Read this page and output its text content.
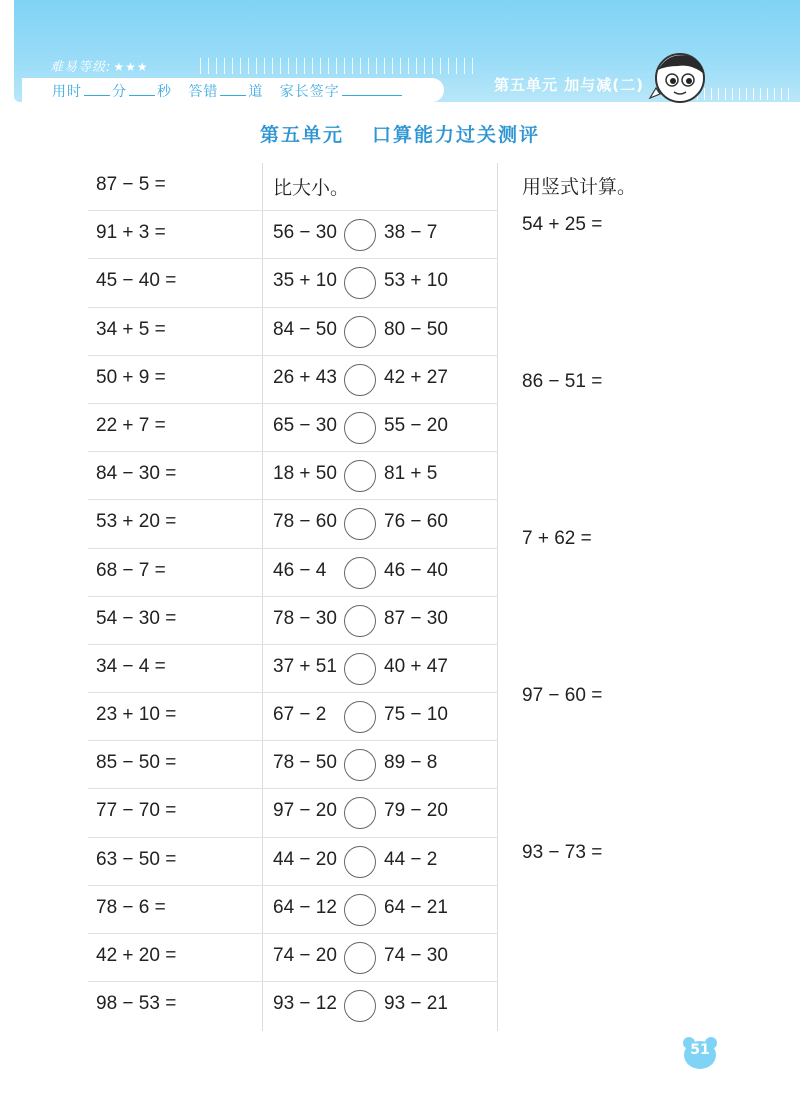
难易等级: ★★★
用时 分 秒 答错 道 家长签字	第五单元 加与减(二)
第五单元 口算能力过关测评
87 − 5 =	比大小。
91 + 3 =	56 − 30 38 − 7
45 − 40 =	35 + 10 53 + 10
34 + 5 =	84 − 50 80 − 50
50 + 9 =	26 + 43 42 + 27
22 + 7 =	65 − 30 55 − 20
84 − 30 =	18 + 50 81 + 5
53 + 20 =	78 − 60 76 − 60
68 − 7 =	46 − 4	46 − 40
54 − 30 =	78 − 30 87 − 30
34 − 4 =	37 + 51 40 + 47
23 + 10 =	67 − 2	75 − 10
85 − 50 =	78 − 50 89 − 8
77 − 70 =	97 − 20 79 − 20
63 − 50 =	44 − 20 44 − 2
78 − 6 =	64 − 12 64 − 21
42 + 20 =	74 − 20 74 − 30
98 − 53 =	93 − 12 93 − 21
用竖式计算。
54 + 25 =
86 − 51 =
7 + 62 =
97 − 60 =
93 − 73 =
51
